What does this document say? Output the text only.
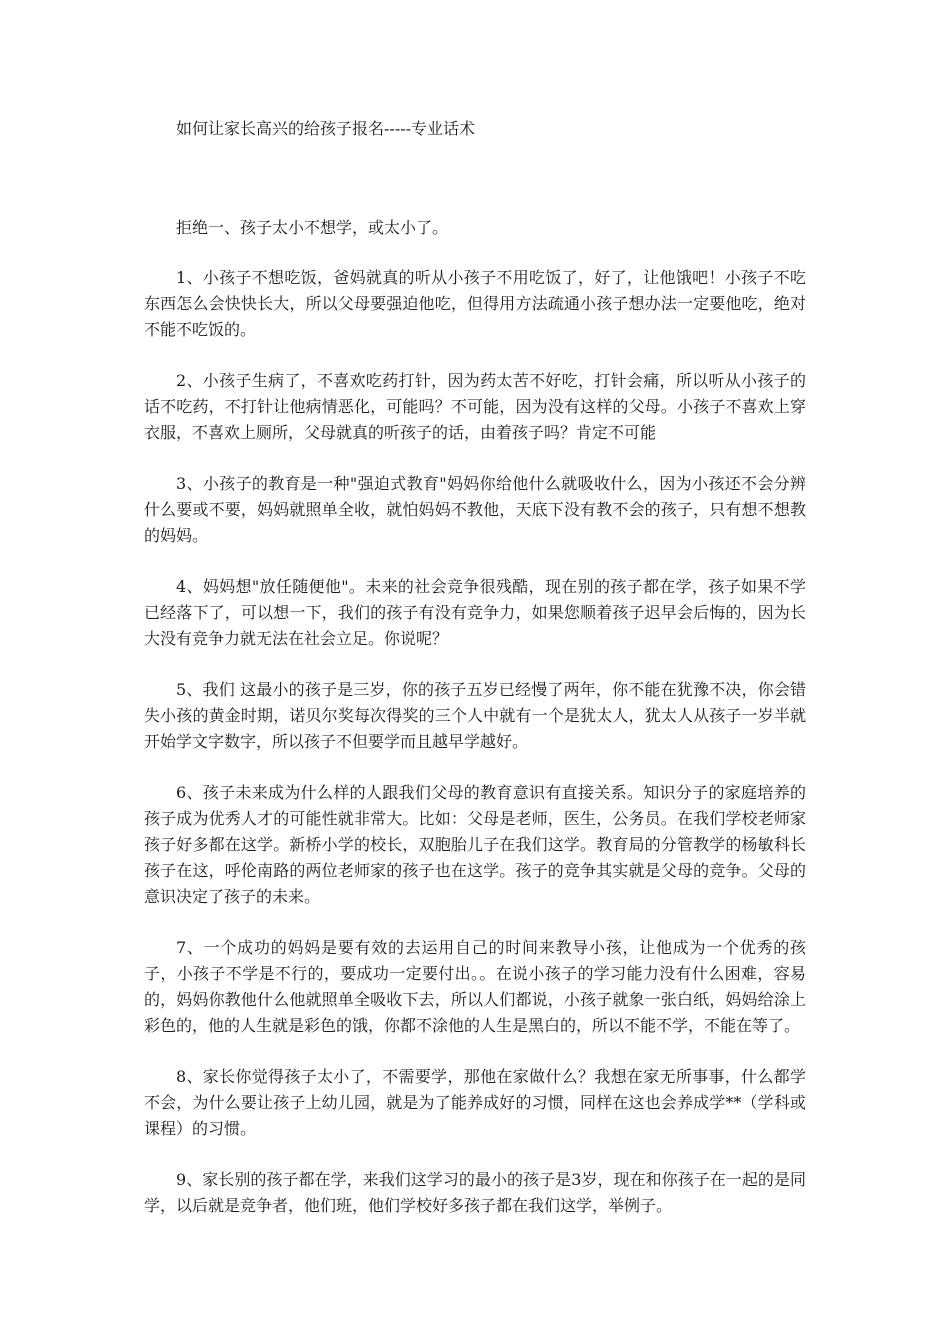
如何让家长高兴的给孩子报名-----专业话术
拒绝一、孩子太小不想学，或太小了。

1、小孩子不想吃饭，爸妈就真的听从小孩子不用吃饭了，好了，让他饿吧！小孩子不吃东西怎么会快快长大，所以父母要强迫他吃，但得用方法疏通小孩子想办法一定要他吃，绝对不能不吃饭的。

2、小孩子生病了，不喜欢吃药打针，因为药太苦不好吃，打针会痛，所以听从小孩子的话不吃药，不打针让他病情恶化，可能吗？不可能，因为没有这样的父母。小孩子不喜欢上穿衣服，不喜欢上厕所，父母就真的听孩子的话，由着孩子吗？肯定不可能

3、小孩子的教育是一种"强迫式教育"妈妈你给他什么就吸收什么，因为小孩还不会分辨什么要或不要，妈妈就照单全收，就怕妈妈不教他，天底下没有教不会的孩子，只有想不想教的妈妈。

4、妈妈想"放任随便他"。未来的社会竞争很残酷，现在别的孩子都在学，孩子如果不学已经落下了，可以想一下，我们的孩子有没有竞争力，如果您顺着孩子迟早会后悔的，因为长大没有竞争力就无法在社会立足。你说呢？

5、我们 这最小的孩子是三岁，你的孩子五岁已经慢了两年，你不能在犹豫不决，你会错失小孩的黄金时期，诺贝尔奖每次得奖的三个人中就有一个是犹太人，犹太人从孩子一岁半就开始学文字数字，所以孩子不但要学而且越早学越好。

6、孩子未来成为什么样的人跟我们父母的教育意识有直接关系。知识分子的家庭培养的孩子成为优秀人才的可能性就非常大。比如：父母是老师，医生，公务员。在我们学校老师家孩子好多都在这学。新桥小学的校长，双胞胎儿子在我们这学。教育局的分管教学的杨敏科长孩子在这，呼伦南路的两位老师家的孩子也在这学。孩子的竞争其实就是父母的竞争。父母的意识决定了孩子的未来。

7、一个成功的妈妈是要有效的去运用自己的时间来教导小孩，让他成为一个优秀的孩子，小孩子不学是不行的，要成功一定要付出。。在说小孩子的学习能力没有什么困难，容易的，妈妈你教他什么他就照单全吸收下去，所以人们都说，小孩子就象一张白纸，妈妈给涂上彩色的，他的人生就是彩色的饿，你都不涂他的人生是黑白的，所以不能不学，不能在等了。

8、家长你觉得孩子太小了，不需要学，那他在家做什么？我想在家无所事事，什么都学不会，为什么要让孩子上幼儿园，就是为了能养成好的习惯，同样在这也会养成学**（学科或课程）的习惯。

9、家长别的孩子都在学，来我们这学习的最小的孩子是3岁，现在和你孩子在一起的是同学，以后就是竞争者，他们班，他们学校好多孩子都在我们这学，举例子。
